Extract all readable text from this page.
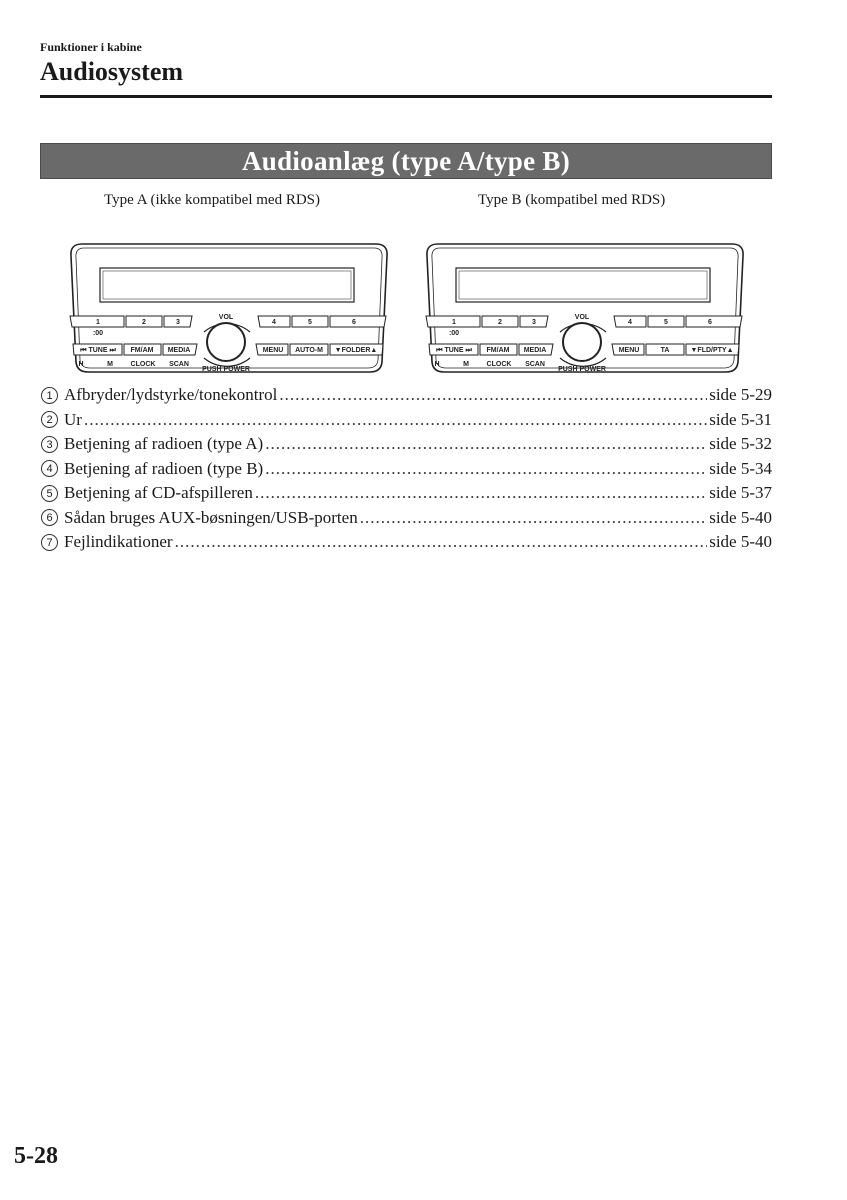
Funktioner i kabine
Audiosystem
Audioanlæg (type A/type B)
Type A (ikke kompatibel med RDS)	Type B (kompatibel med RDS)
1	2	3	4	5	6
:00
VOL
PUSH POWER
⏮ TUNE ⏭ FM/AM MEDIA	MENU AUTO-M ▼FOLDER▲
H	M	CLOCK SCAN
1	2	3	4	5	6
:00
VOL
PUSH POWER
⏮ TUNE ⏭ FM/AM MEDIA	MENU	TA	▼FLD/PTY▲
H	M	CLOCK SCAN
1 Afbryder/lydstyrke/tonekontrol .....	side 5-29
2 Ur .....	side 5-31
3 Betjening af radioen (type A) .....	side 5-32
4 Betjening af radioen (type B) .....	side 5-34
5 Betjening af CD-afspilleren .....	side 5-37
6 Sådan bruges AUX-bøsningen/USB-porten .....	side 5-40
7 Fejlindikationer .....	side 5-40
5-28
